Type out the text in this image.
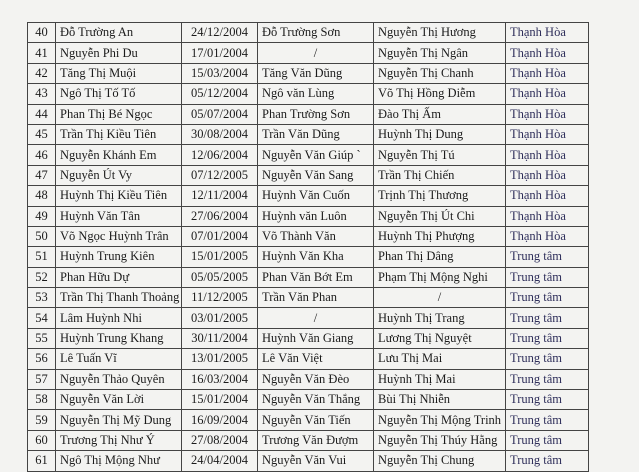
40	Đỗ Trường An	24/12/2004	Đỗ Trường Sơn	Nguyễn Thị Hương	Thạnh Hòa
41	Nguyễn Phi Du	17/01/2004	/	Nguyễn Thị Ngân	Thạnh Hòa
42	Tăng Thị Muội	15/03/2004	Tăng Văn Dũng	Nguyễn Thị Chanh	Thạnh Hòa
43	Ngô Thị Tố Tố	05/12/2004	Ngô văn Lùng	Võ Thị Hồng Diễm	Thạnh Hòa
44	Phan Thị Bé Ngọc	05/07/2004	Phan Trường Sơn	Đào Thị Ấm	Thạnh Hòa
45	Trần Thị Kiều Tiên	30/08/2004	Trần Văn Dũng	Huỳnh Thị Dung	Thạnh Hòa
46	Nguyễn Khánh Em	12/06/2004	Nguyễn Văn Giúp `	Nguyễn Thị Tú	Thạnh Hòa
47	Nguyễn Út Vy	07/12/2005	Nguyễn Văn Sang	Trần Thị Chiến	Thạnh Hòa
48	Huỳnh Thị Kiều Tiên	12/11/2004	Huỳnh Văn Cuốn	Trịnh Thị Thương	Thạnh Hòa
49	Huỳnh Văn Tân	27/06/2004	Huỳnh văn Luôn	Nguyễn Thị Út Chi	Thạnh Hòa
50	Võ Ngọc Huỳnh Trân	07/01/2004	Võ Thành Văn	Huỳnh Thị Phượng	Thạnh Hòa
51	Huỳnh Trung Kiên	15/01/2005	Huỳnh Văn Kha	Phan Thị Dâng	Trung tâm
52	Phan Hữu Dự	05/05/2005	Phan Văn Bớt Em	Phạm Thị Mộng Nghi	Trung tâm
53	Trần Thị Thanh Thoảng	11/12/2005	Trần Văn Phan	/	Trung tâm
54	Lâm Huỳnh Nhi	03/01/2005	/	Huỳnh Thị Trang	Trung tâm
55	Huỳnh Trung Khang	30/11/2004	Huỳnh Văn Giang	Lương Thị Nguyệt	Trung tâm
56	Lê Tuấn Vĩ	13/01/2005	Lê Văn Việt	Lưu Thị Mai	Trung tâm
57	Nguyễn Thảo Quyên	16/03/2004	Nguyễn Văn Đèo	Huỳnh Thị Mai	Trung tâm
58	Nguyễn Văn Lời	15/01/2004	Nguyễn Văn Thắng	Bùi Thị Nhiễn	Trung tâm
59	Nguyễn Thị Mỹ Dung	16/09/2004	Nguyễn Văn Tiến	Nguyễn Thị Mộng Trinh	Trung tâm
60	Trương Thị Như Ý	27/08/2004	Trương Văn Đượm	Nguyễn Thị Thúy Hằng	Trung tâm
61	Ngô Thị Mộng Như	24/04/2004	Nguyễn Văn Vui	Nguyễn Thị Chung	Trung tâm
